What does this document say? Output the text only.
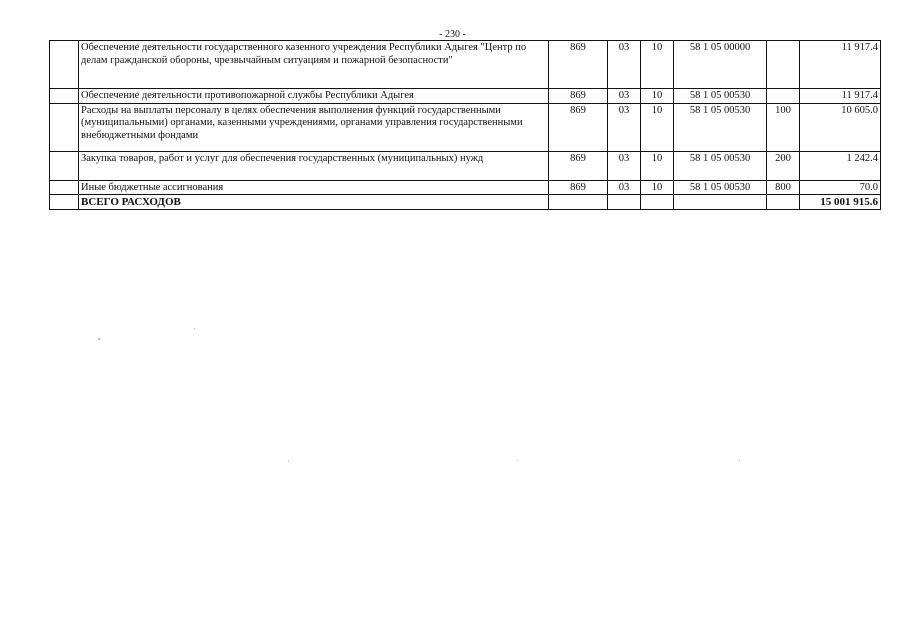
- 230 -
	Обеспечение деятельности государственного казенного учреждения Республики Адыгея "Центр по делам гражданской обороны, чрезвычайным ситуациям и пожарной безопасности"	869	03	10	58 1 05 00000		11 917.4
	Обеспечение деятельности противопожарной службы Республики Адыгея	869	03	10	58 1 05 00530		11 917.4
	Расходы на выплаты персоналу в целях обеспечения выполнения функций государственными (муниципальными) органами, казенными учреждениями, органами управления государственными внебюджетными фондами	869	03	10	58 1 05 00530	100	10 605.0
	Закупка товаров, работ и услуг для обеспечения государственных (муниципальных) нужд	869	03	10	58 1 05 00530	200	1 242.4
	Иные бюджетные ассигнования	869	03	10	58 1 05 00530	800	70.0
	ВСЕГО РАСХОДОВ						15 001 915.6
